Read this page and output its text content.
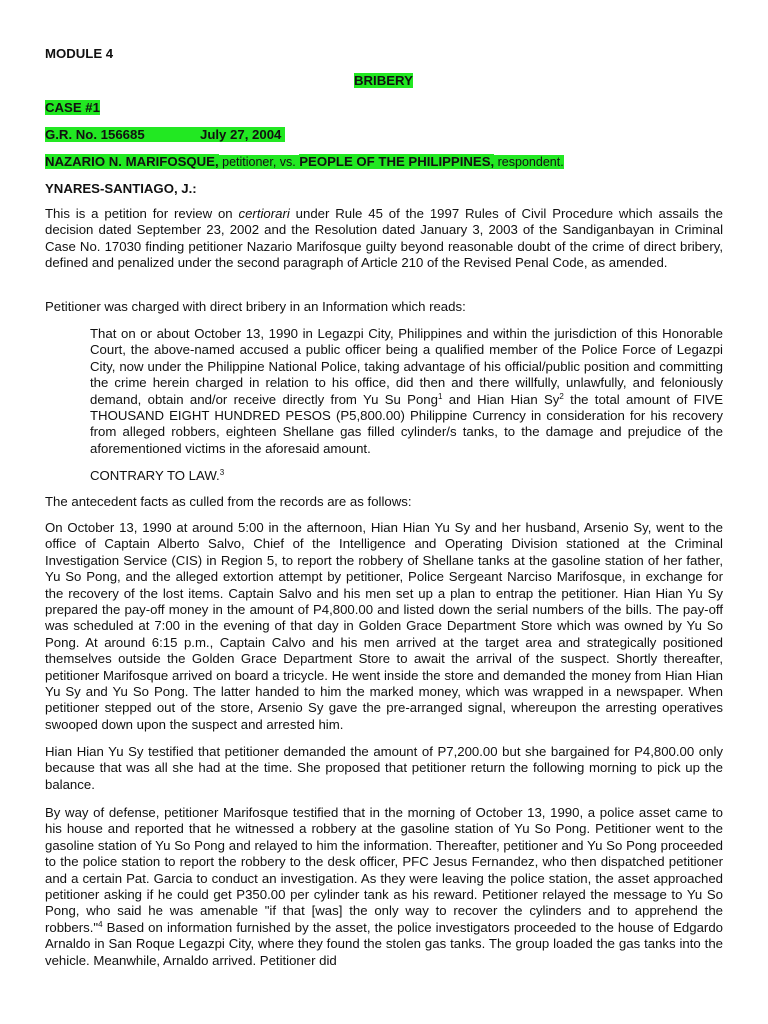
MODULE 4
BRIBERY
CASE #1
G.R. No. 156685	July 27, 2004
NAZARIO N. MARIFOSQUE, petitioner, vs. PEOPLE OF THE PHILIPPINES, respondent.
YNARES-SANTIAGO, J.:

This is a petition for review on certiorari under Rule 45 of the 1997 Rules of Civil Procedure which assails the decision dated September 23, 2002 and the Resolution dated January 3, 2003 of the Sandiganbayan in Criminal Case No. 17030 finding petitioner Nazario Marifosque guilty beyond reasonable doubt of the crime of direct bribery, defined and penalized under the second paragraph of Article 210 of the Revised Penal Code, as amended.

Petitioner was charged with direct bribery in an Information which reads:

That on or about October 13, 1990 in Legazpi City, Philippines and within the jurisdiction of this Honorable Court, the above-named accused a public officer being a qualified member of the Police Force of Legazpi City, now under the Philippine National Police, taking advantage of his official/public position and committing the crime herein charged in relation to his office, did then and there willfully, unlawfully, and feloniously demand, obtain and/or receive directly from Yu Su Pong$^1$ and Hian Hian Sy$^2$ the total amount of FIVE THOUSAND EIGHT HUNDRED PESOS (P5,800.00) Philippine Currency in consideration for his recovery from alleged robbers, eighteen Shellane gas filled cylinder/s tanks, to the damage and prejudice of the aforementioned victims in the aforesaid amount.

CONTRARY TO LAW.$^3$

The antecedent facts as culled from the records are as follows:

On October 13, 1990 at around 5:00 in the afternoon, Hian Hian Yu Sy and her husband, Arsenio Sy, went to the office of Captain Alberto Salvo, Chief of the Intelligence and Operating Division stationed at the Criminal Investigation Service (CIS) in Region 5, to report the robbery of Shellane tanks at the gasoline station of her father, Yu So Pong, and the alleged extortion attempt by petitioner, Police Sergeant Narciso Marifosque, in exchange for the recovery of the lost items. Captain Salvo and his men set up a plan to entrap the petitioner. Hian Hian Yu Sy prepared the pay-off money in the amount of P4,800.00 and listed down the serial numbers of the bills. The pay-off was scheduled at 7:00 in the evening of that day in Golden Grace Department Store which was owned by Yu So Pong. At around 6:15 p.m., Captain Calvo and his men arrived at the target area and strategically positioned themselves outside the Golden Grace Department Store to await the arrival of the suspect. Shortly thereafter, petitioner Marifosque arrived on board a tricycle. He went inside the store and demanded the money from Hian Hian Yu Sy and Yu So Pong. The latter handed to him the marked money, which was wrapped in a newspaper. When petitioner stepped out of the store, Arsenio Sy gave the pre-arranged signal, whereupon the arresting operatives swooped down upon the suspect and arrested him.

Hian Hian Yu Sy testified that petitioner demanded the amount of P7,200.00 but she bargained for P4,800.00 only because that was all she had at the time. She proposed that petitioner return the following morning to pick up the balance.

By way of defense, petitioner Marifosque testified that in the morning of October 13, 1990, a police asset came to his house and reported that he witnessed a robbery at the gasoline station of Yu So Pong. Petitioner went to the gasoline station of Yu So Pong and relayed to him the information. Thereafter, petitioner and Yu So Pong proceeded to the police station to report the robbery to the desk officer, PFC Jesus Fernandez, who then dispatched petitioner and a certain Pat. Garcia to conduct an investigation. As they were leaving the police station, the asset approached petitioner asking if he could get P350.00 per cylinder tank as his reward. Petitioner relayed the message to Yu So Pong, who said he was amenable "if that [was] the only way to recover the cylinders and to apprehend the robbers."$^4$ Based on information furnished by the asset, the police investigators proceeded to the house of Edgardo Arnaldo in San Roque Legazpi City, where they found the stolen gas tanks. The group loaded the gas tanks into the vehicle. Meanwhile, Arnaldo arrived. Petitioner did
